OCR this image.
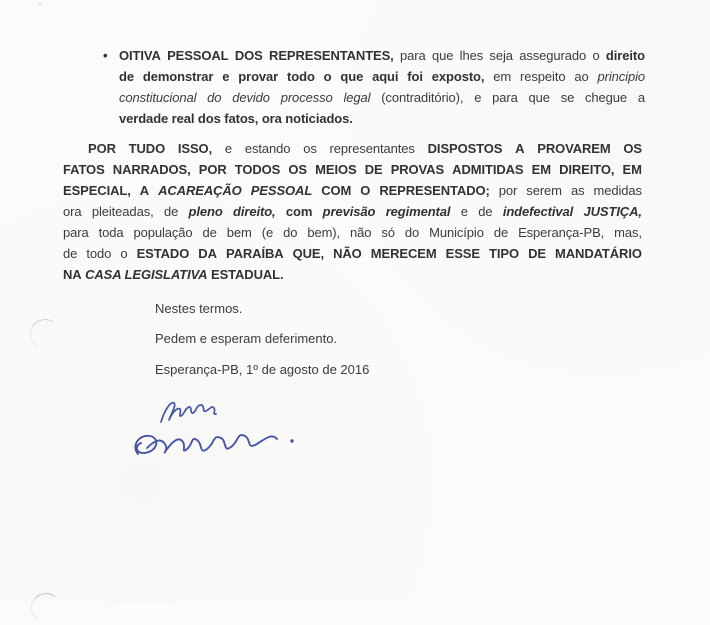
˜
• OITIVA PESSOAL DOS REPRESENTANTES, para que lhes seja assegurado o direito
de demonstrar e provar todo o que aqui foi exposto, em respeito ao principio
constitucional do devido processo legal (contraditório), e para que se chegue a
verdade real dos fatos, ora noticiados.
POR TUDO ISSO, e estando os representantes DISPOSTOS A PROVAREM OS
FATOS NARRADOS, POR TODOS OS MEIOS DE PROVAS ADMITIDAS EM DIREITO, EM
ESPECIAL, A ACAREAÇÃO PESSOAL COM O REPRESENTADO; por serem as medidas
ora pleiteadas, de pleno direito, com previsão regimental e de indefectival JUSTIÇA,
para toda população de bem (e do bem), não só do Município de Esperança-PB, mas,
de todo o ESTADO DA PARAÍBA QUE, NÃO MERECEM ESSE TIPO DE MANDATÁRIO
NA CASA LEGISLATIVA ESTADUAL.
Nestes termos.
Pedem e esperam deferimento.
Esperança-PB, 1º de agosto de 2016
